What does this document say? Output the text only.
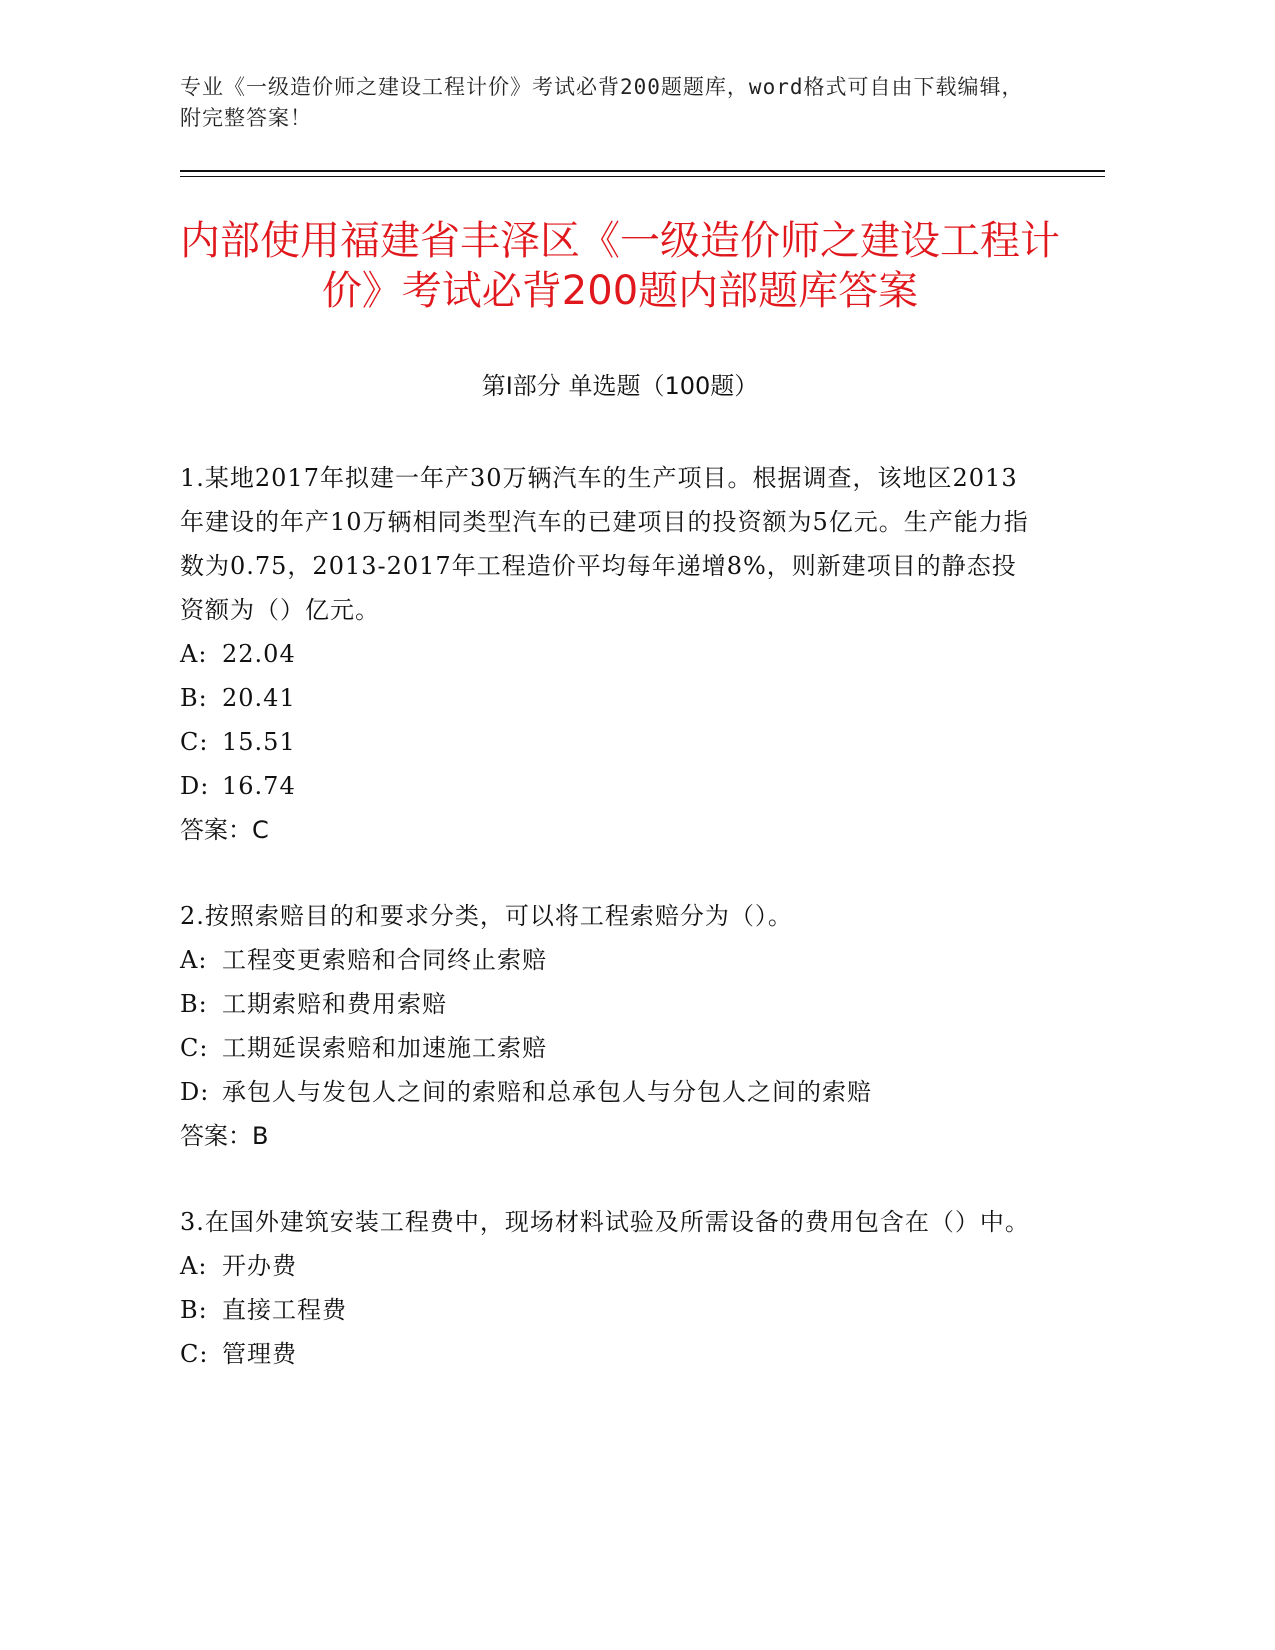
专业《一级造价师之建设工程计价》考试必背200题题库，word格式可自由下载编辑，附完整答案！
内部使用福建省丰泽区《一级造价师之建设工程计价》考试必背200题内部题库答案
第Ⅰ部分 单选题（100题）

1.某地2017年拟建一年产30万辆汽车的生产项目。根据调查，该地区2013年建设的年产10万辆相同类型汽车的已建项目的投资额为5亿元。生产能力指数为0.75，2013-2017年工程造价平均每年递增8%，则新建项目的静态投资额为（）亿元。

A: 22.04

B: 20.41

C: 15.51

D: 16.74

答案：C

2.按照索赔目的和要求分类，可以将工程索赔分为（）。

A: 工程变更索赔和合同终止索赔

B: 工期索赔和费用索赔

C: 工期延误索赔和加速施工索赔

D: 承包人与发包人之间的索赔和总承包人与分包人之间的索赔

答案：B

3.在国外建筑安装工程费中，现场材料试验及所需设备的费用包含在（）中。

A: 开办费

B: 直接工程费

C: 管理费
